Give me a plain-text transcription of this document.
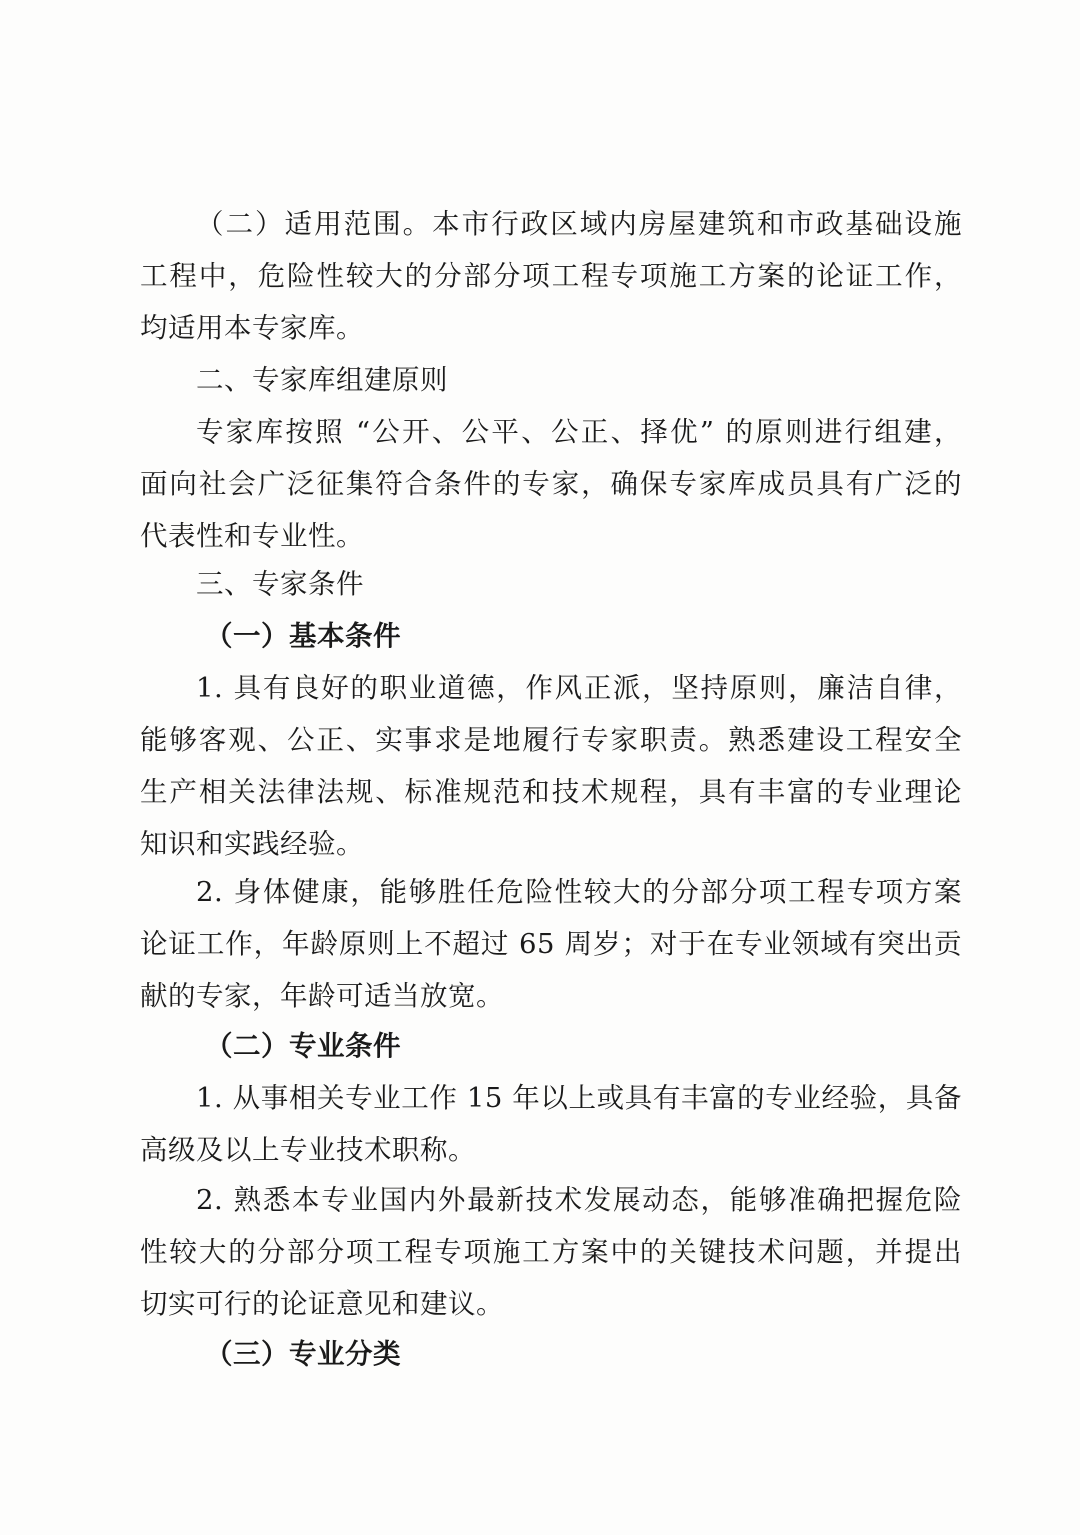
（二）适用范围。本市行政区域内房屋建筑和市政基础设施
工程中，危险性较大的分部分项工程专项施工方案的论证工作，
均适用本专家库。
二、专家库组建原则
专家库按照 “公开、公平、公正、择优” 的原则进行组建，
面向社会广泛征集符合条件的专家，确保专家库成员具有广泛的
代表性和专业性。
三、专家条件
（一）基本条件
1. 具有良好的职业道德，作风正派，坚持原则，廉洁自律，
能够客观、公正、实事求是地履行专家职责。熟悉建设工程安全
生产相关法律法规、标准规范和技术规程，具有丰富的专业理论
知识和实践经验。
2. 身体健康，能够胜任危险性较大的分部分项工程专项方案
论证工作，年龄原则上不超过 65 周岁；对于在专业领域有突出贡
献的专家，年龄可适当放宽。
（二）专业条件
1. 从事相关专业工作 15 年以上或具有丰富的专业经验，具备
高级及以上专业技术职称。
2. 熟悉本专业国内外最新技术发展动态，能够准确把握危险
性较大的分部分项工程专项施工方案中的关键技术问题，并提出
切实可行的论证意见和建议。
（三）专业分类
